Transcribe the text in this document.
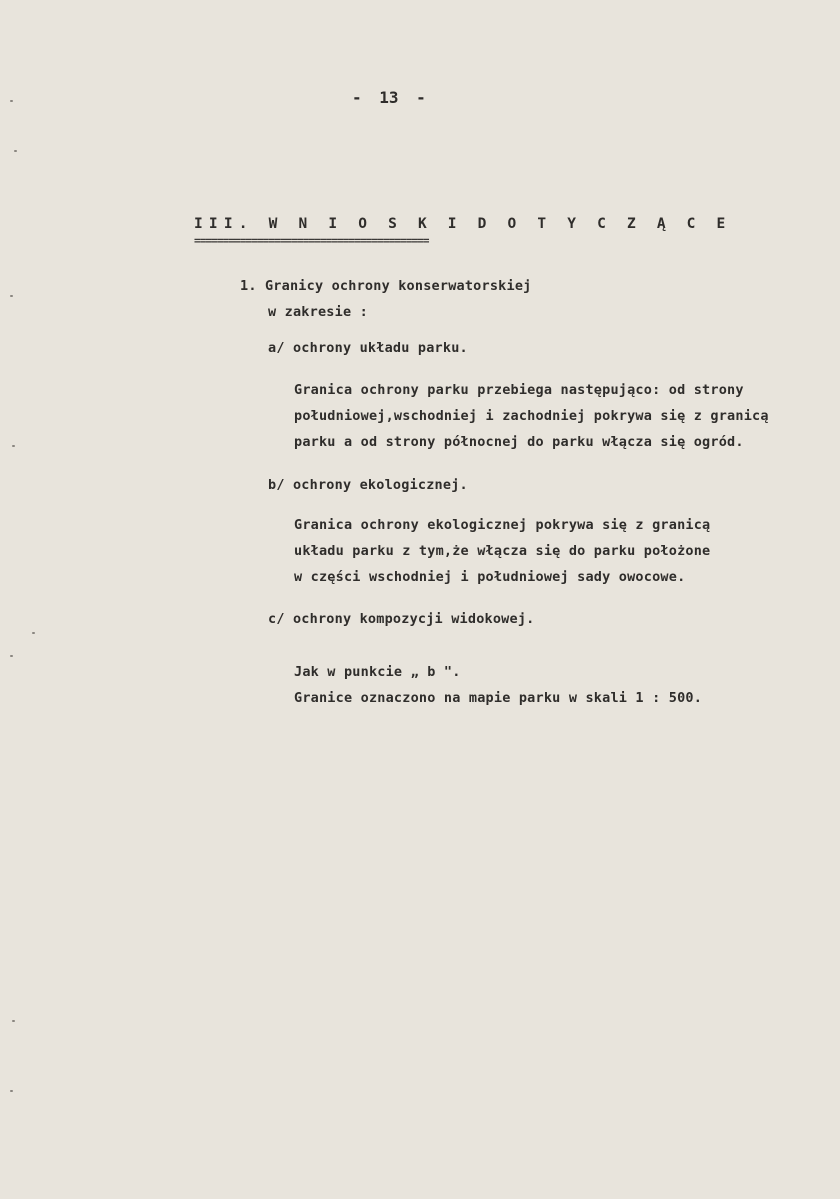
- 13 -
III. W N I O S K I D O T Y C Z Ą C E
=========================================
1. Granicy ochrony konserwatorskiej
w zakresie :
a/ ochrony układu parku.
Granica ochrony parku przebiega następująco: od strony
południowej,wschodniej i zachodniej pokrywa się z granicą
parku a od strony północnej do parku włącza się ogród.
b/ ochrony ekologicznej.
Granica ochrony ekologicznej pokrywa się z granicą
układu parku z tym,że włącza się do parku położone
w części wschodniej i południowej sady owocowe.
c/ ochrony kompozycji widokowej.
Jak w punkcie „ b ".
Granice oznaczono na mapie parku w skali 1 : 500.
